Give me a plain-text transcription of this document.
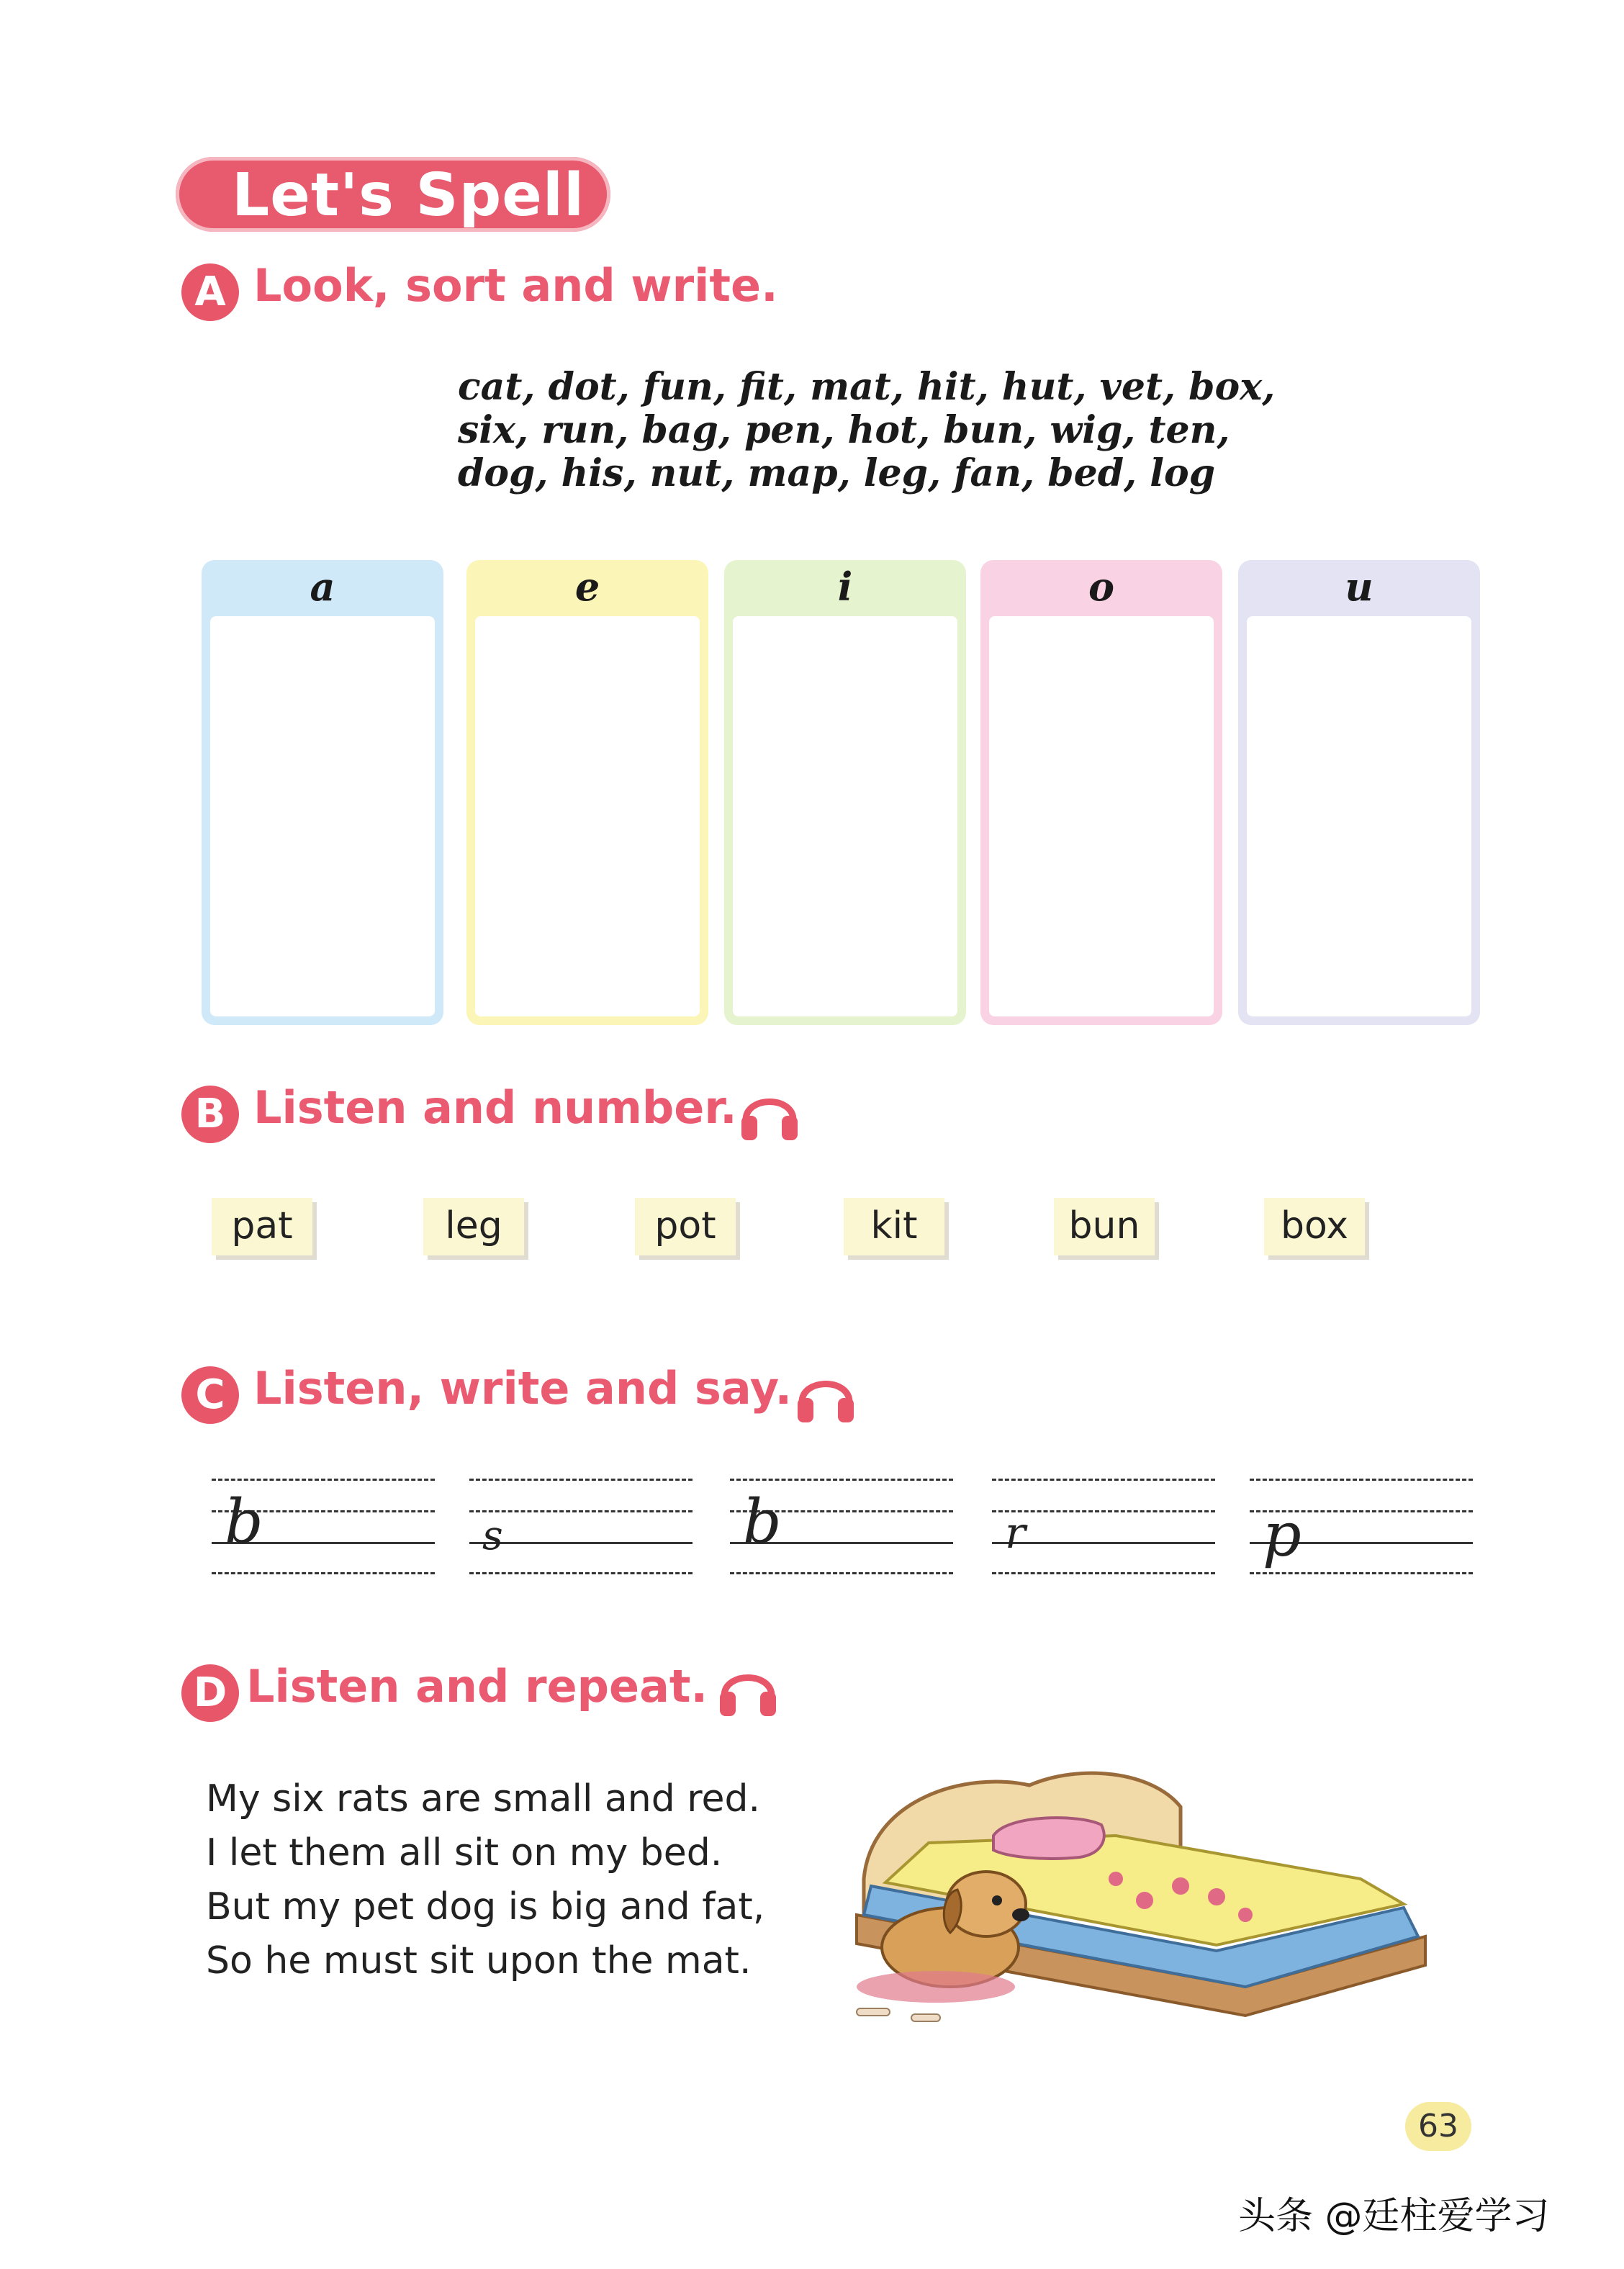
Let's Spell
A Look, sort and write.
cat, dot, fun, fit, mat, hit, hut, vet, box,
six, run, bag, pen, hot, bun, wig, ten,
dog, his, nut, map, leg, fan, bed, log
a	e	i	o	u
B Listen and number.
pat	leg	pot	kit	bun	box
C Listen, write and say.
b	s	b	r	p
D Listen and repeat.
My six rats are small and red.
I let them all sit on my bed.
But my pet dog is big and fat,
So he must sit upon the mat.
63
头条 @廷柱爱学习
